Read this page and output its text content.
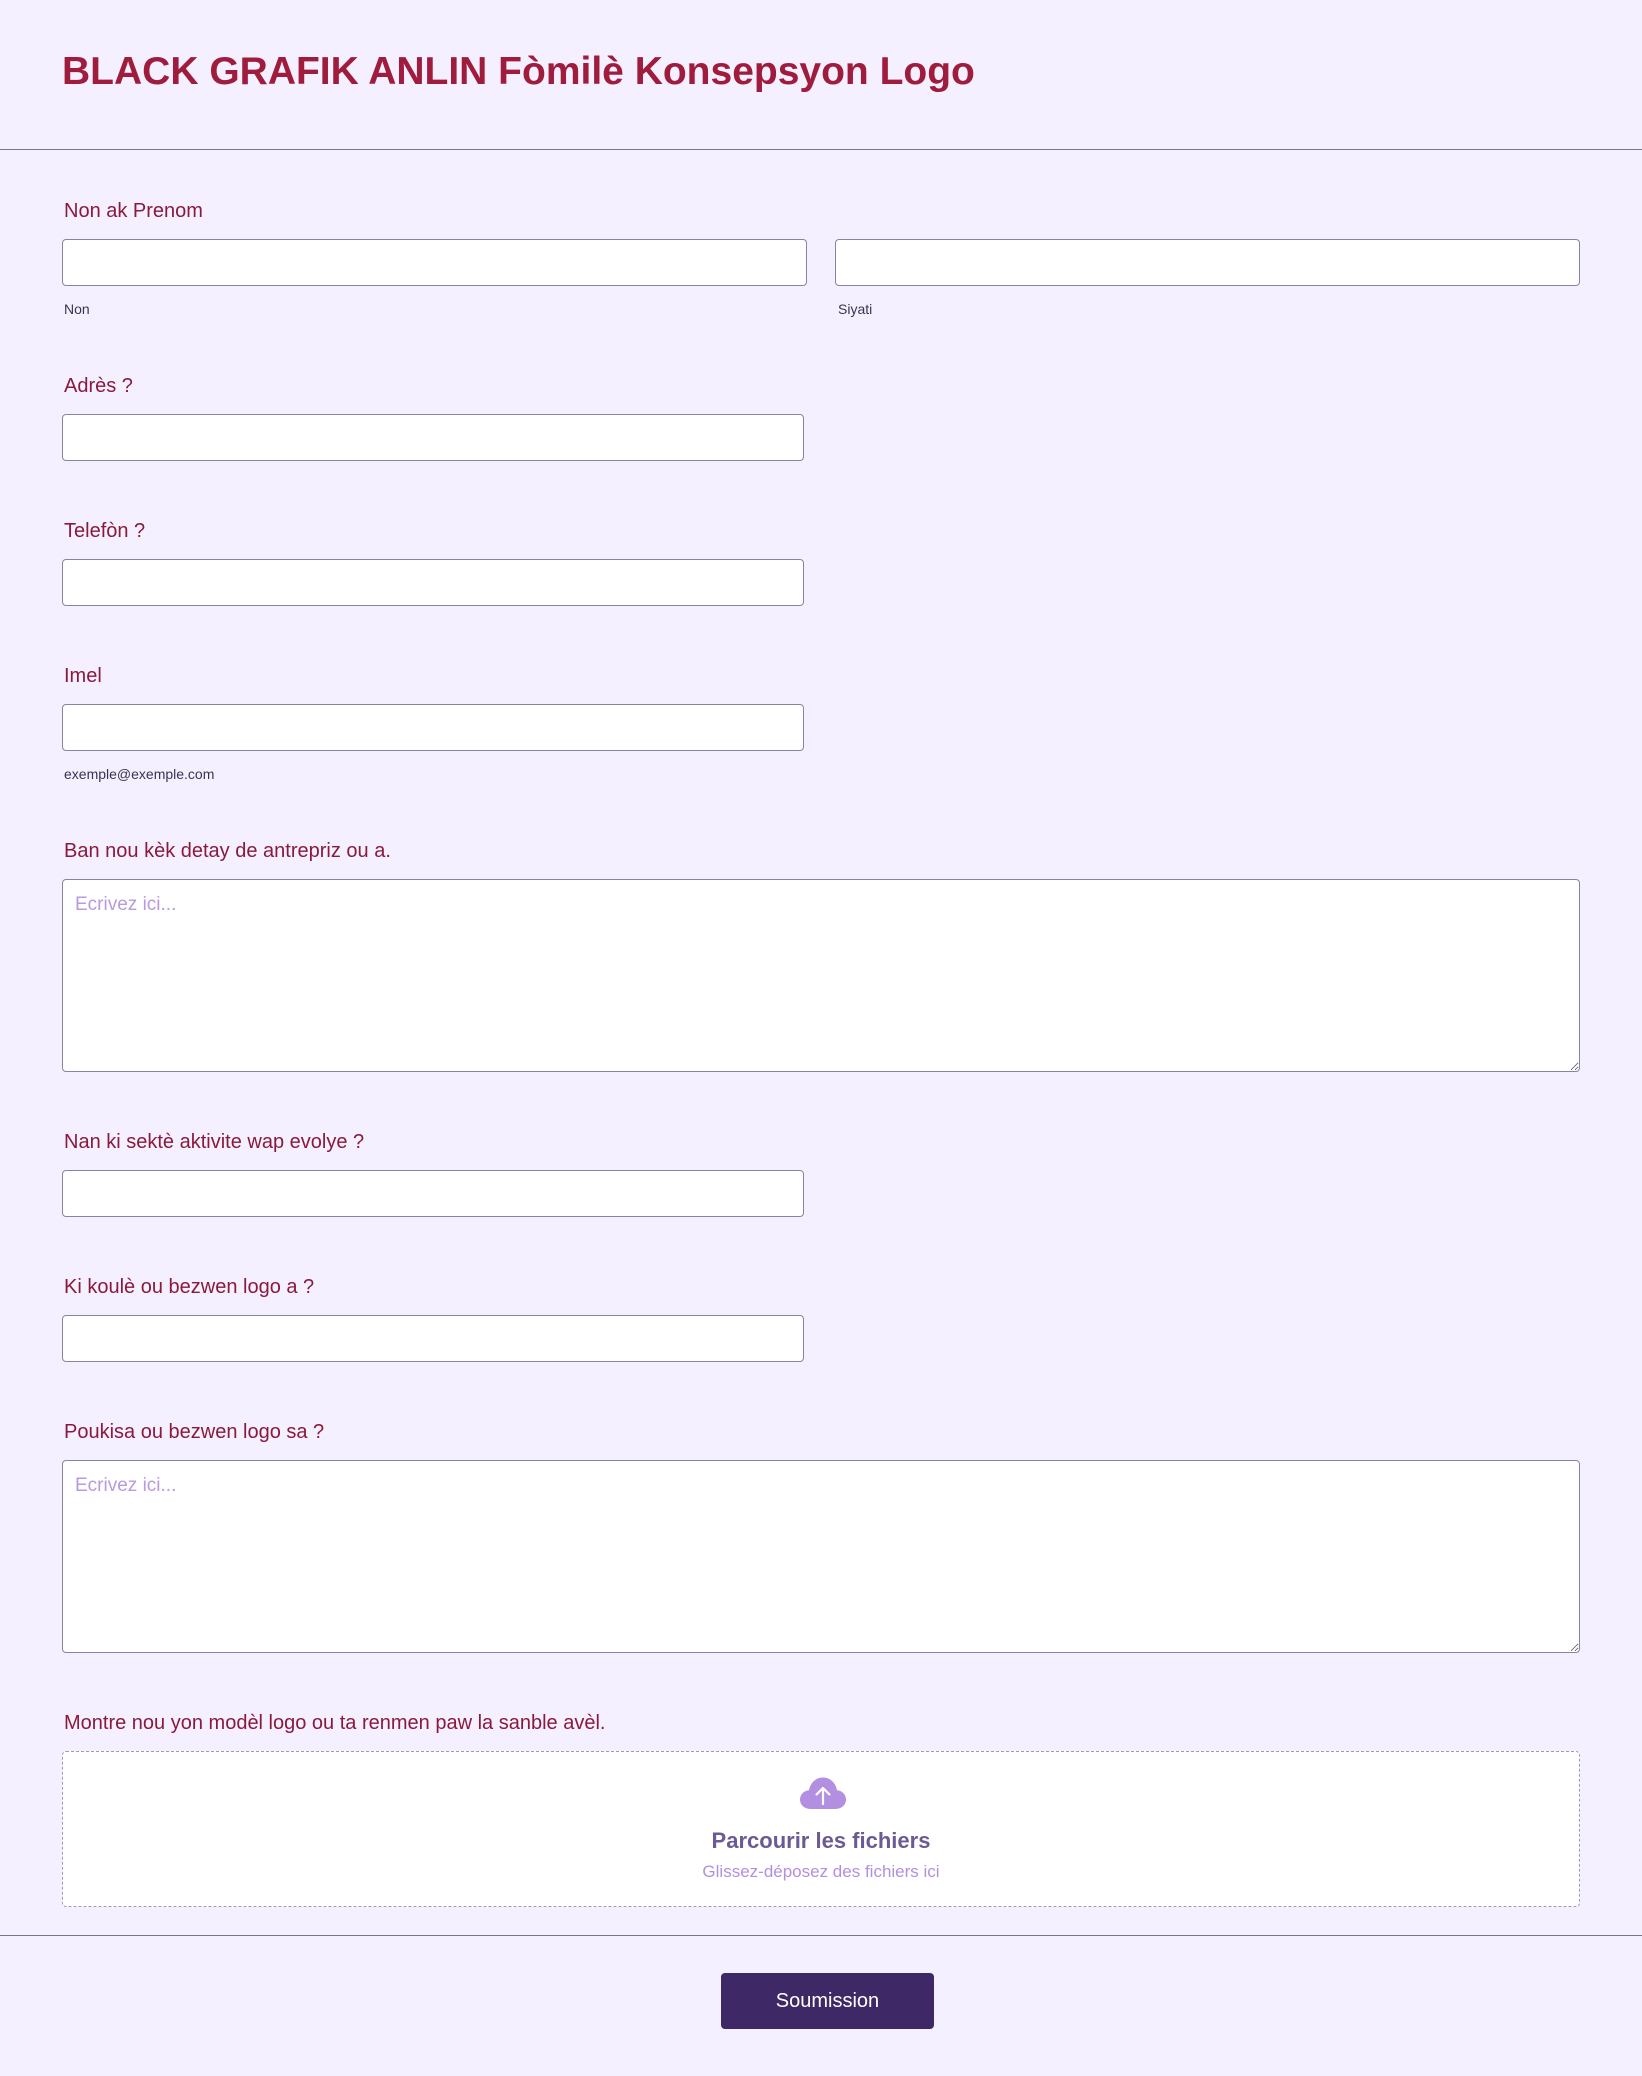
BLACK GRAFIK ANLIN Fòmilè Konsepsyon Logo
Non ak Prenom
Non	Siyati
Adrès ?
Telefòn ?
Imel
exemple@exemple.com
Ban nou kèk detay de antrepriz ou a.
Ecrivez ici...
Nan ki sektè aktivite wap evolye ?
Ki koulè ou bezwen logo a ?
Poukisa ou bezwen logo sa ?
Ecrivez ici...
Montre nou yon modèl logo ou ta renmen paw la sanble avèl.
Parcourir les fichiers
Glissez-déposez des fichiers ici
Soumission
